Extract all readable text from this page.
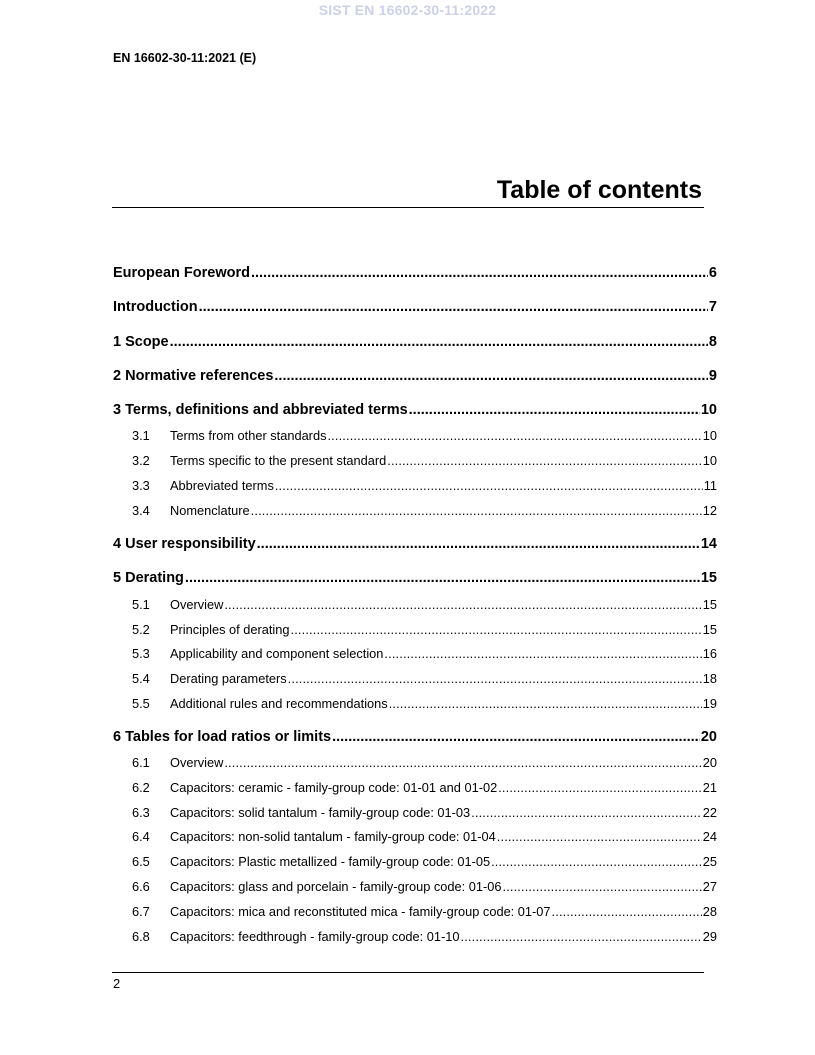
SIST EN 16602-30-11:2022
EN 16602-30-11:2021 (E)
Table of contents
European Foreword .....	6
Introduction .....	7
1 Scope .....	8
2 Normative references .....	9
3 Terms, definitions and abbreviated terms .....	10
3.1	Terms from other standards .....	10
3.2	Terms specific to the present standard .....	10
3.3	Abbreviated terms .....	11
3.4	Nomenclature .....	12
4 User responsibility .....	14
5 Derating .....	15
5.1	Overview .....	15
5.2	Principles of derating .....	15
5.3	Applicability and component selection .....	16
5.4	Derating parameters .....	18
5.5	Additional rules and recommendations .....	19
6 Tables for load ratios or limits .....	20
6.1	Overview .....	20
6.2	Capacitors: ceramic - family-group code: 01-01 and 01-02 .....	21
6.3	Capacitors: solid tantalum - family-group code: 01-03 .....	22
6.4	Capacitors: non-solid tantalum - family-group code: 01-04 .....	24
6.5	Capacitors: Plastic metallized - family-group code: 01-05 .....	25
6.6	Capacitors: glass and porcelain - family-group code: 01-06 .....	27
6.7	Capacitors: mica and reconstituted mica - family-group code: 01-07 .....	28
6.8	Capacitors: feedthrough - family-group code: 01-10 .....	29
2
